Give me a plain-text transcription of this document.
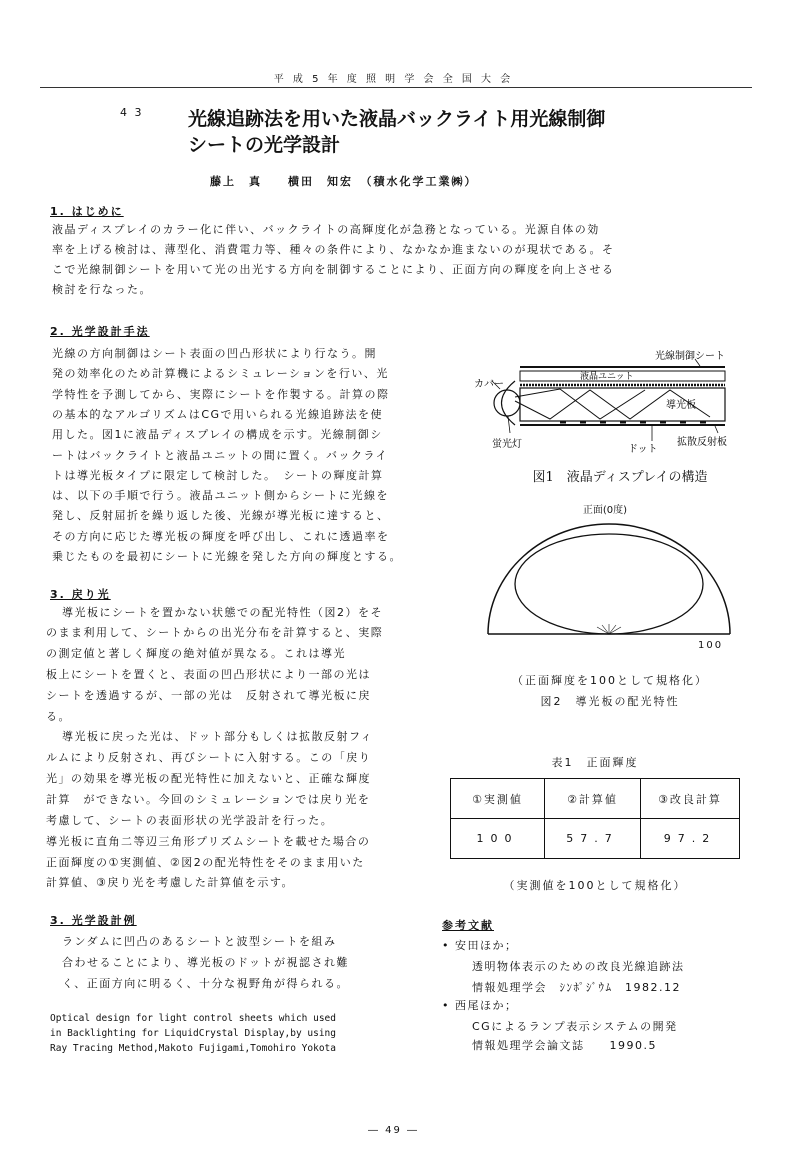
平 成 5 年 度 照 明 学 会 全 国 大 会
4 3 光線追跡法を用いた液晶バックライト用光線制御
シートの光学設計
藤上　真　　横田　知宏　（積水化学工業㈱）
1. はじめに
液晶ディスプレイのカラー化に伴い、バックライトの高輝度化が急務となっている。光源自体の効
率を上げる検討は、薄型化、消費電力等、種々の条件により、なかなか進まないのが現状である。そ
こで光線制御シートを用いて光の出光する方向を制御することにより、正面方向の輝度を向上させる
検討を行なった。
2. 光学設計手法
光線の方向制御はシート表面の凹凸形状により行なう。開
発の効率化のため計算機によるシミュレーションを行い、光
学特性を予測してから、実際にシートを作製する。計算の際
の基本的なアルゴリズムはCGで用いられる光線追跡法を使
用した。図1に液晶ディスプレイの構成を示す。光線制御シ
ートはバックライトと液晶ユニットの間に置く。バックライ
トは導光板タイプに限定して検討した。　シートの輝度計算
は、以下の手順で行う。液晶ユニット側からシートに光線を
発し、反射屈折を繰り返した後、光線が導光板に達すると、
その方向に応じた導光板の輝度を呼び出し、これに透過率を
乗じたものを最初にシートに光線を発した方向の輝度とする。
3. 戻り光
導光板にシートを置かない状態での配光特性（図2）をそ
のまま利用して、シートからの出光分布を計算すると、実際
の測定値と著しく輝度の絶対値が異なる。これは導光
板上にシートを置くと、表面の凹凸形状により一部の光は
シートを透過するが、一部の光は　反射されて導光板に戻
る。
導光板に戻った光は、ドット部分もしくは拡散反射フィ
ルムにより反射され、再びシートに入射する。この「戻り
光」の効果を導光板の配光特性に加えないと、正確な輝度
計算　ができない。今回のシミュレーションでは戻り光を
考慮して、シートの表面形状の光学設計を行った。
導光板に直角二等辺三角形プリズムシートを載せた場合の
正面輝度の①実測値、②図2の配光特性をそのまま用いた
計算値、③戻り光を考慮した計算値を示す。
3. 光学設計例
ランダムに凹凸のあるシートと波型シートを組み
合わせることにより、導光板のドットが視認され難
く、正面方向に明るく、十分な視野角が得られる。
Optical design for light control sheets which used
in Backlighting for LiquidCrystal Display,by using
Ray Tracing Method,Makoto Fujigami,Tomohiro Yokota
光線制御シート
液晶ユニット
カバー
導光板
蛍光灯	拡散反射板
ドット
図1　液晶ディスプレイの構造
正面(0度)
100
（正面輝度を100として規格化）
図2　導光板の配光特性
表1　正面輝度
①実測値	②計算値	③改良計算
100	57.7	97.2
（実測値を100として規格化）
参考文献
• 安田ほか；
透明物体表示のための改良光線追跡法
情報処理学会　ｼﾝﾎﾟｼﾞｳﾑ　1982.12
• 西尾ほか；
CGによるランプ表示システムの開発
情報処理学会論文誌　　1990.5
― 49 ―
